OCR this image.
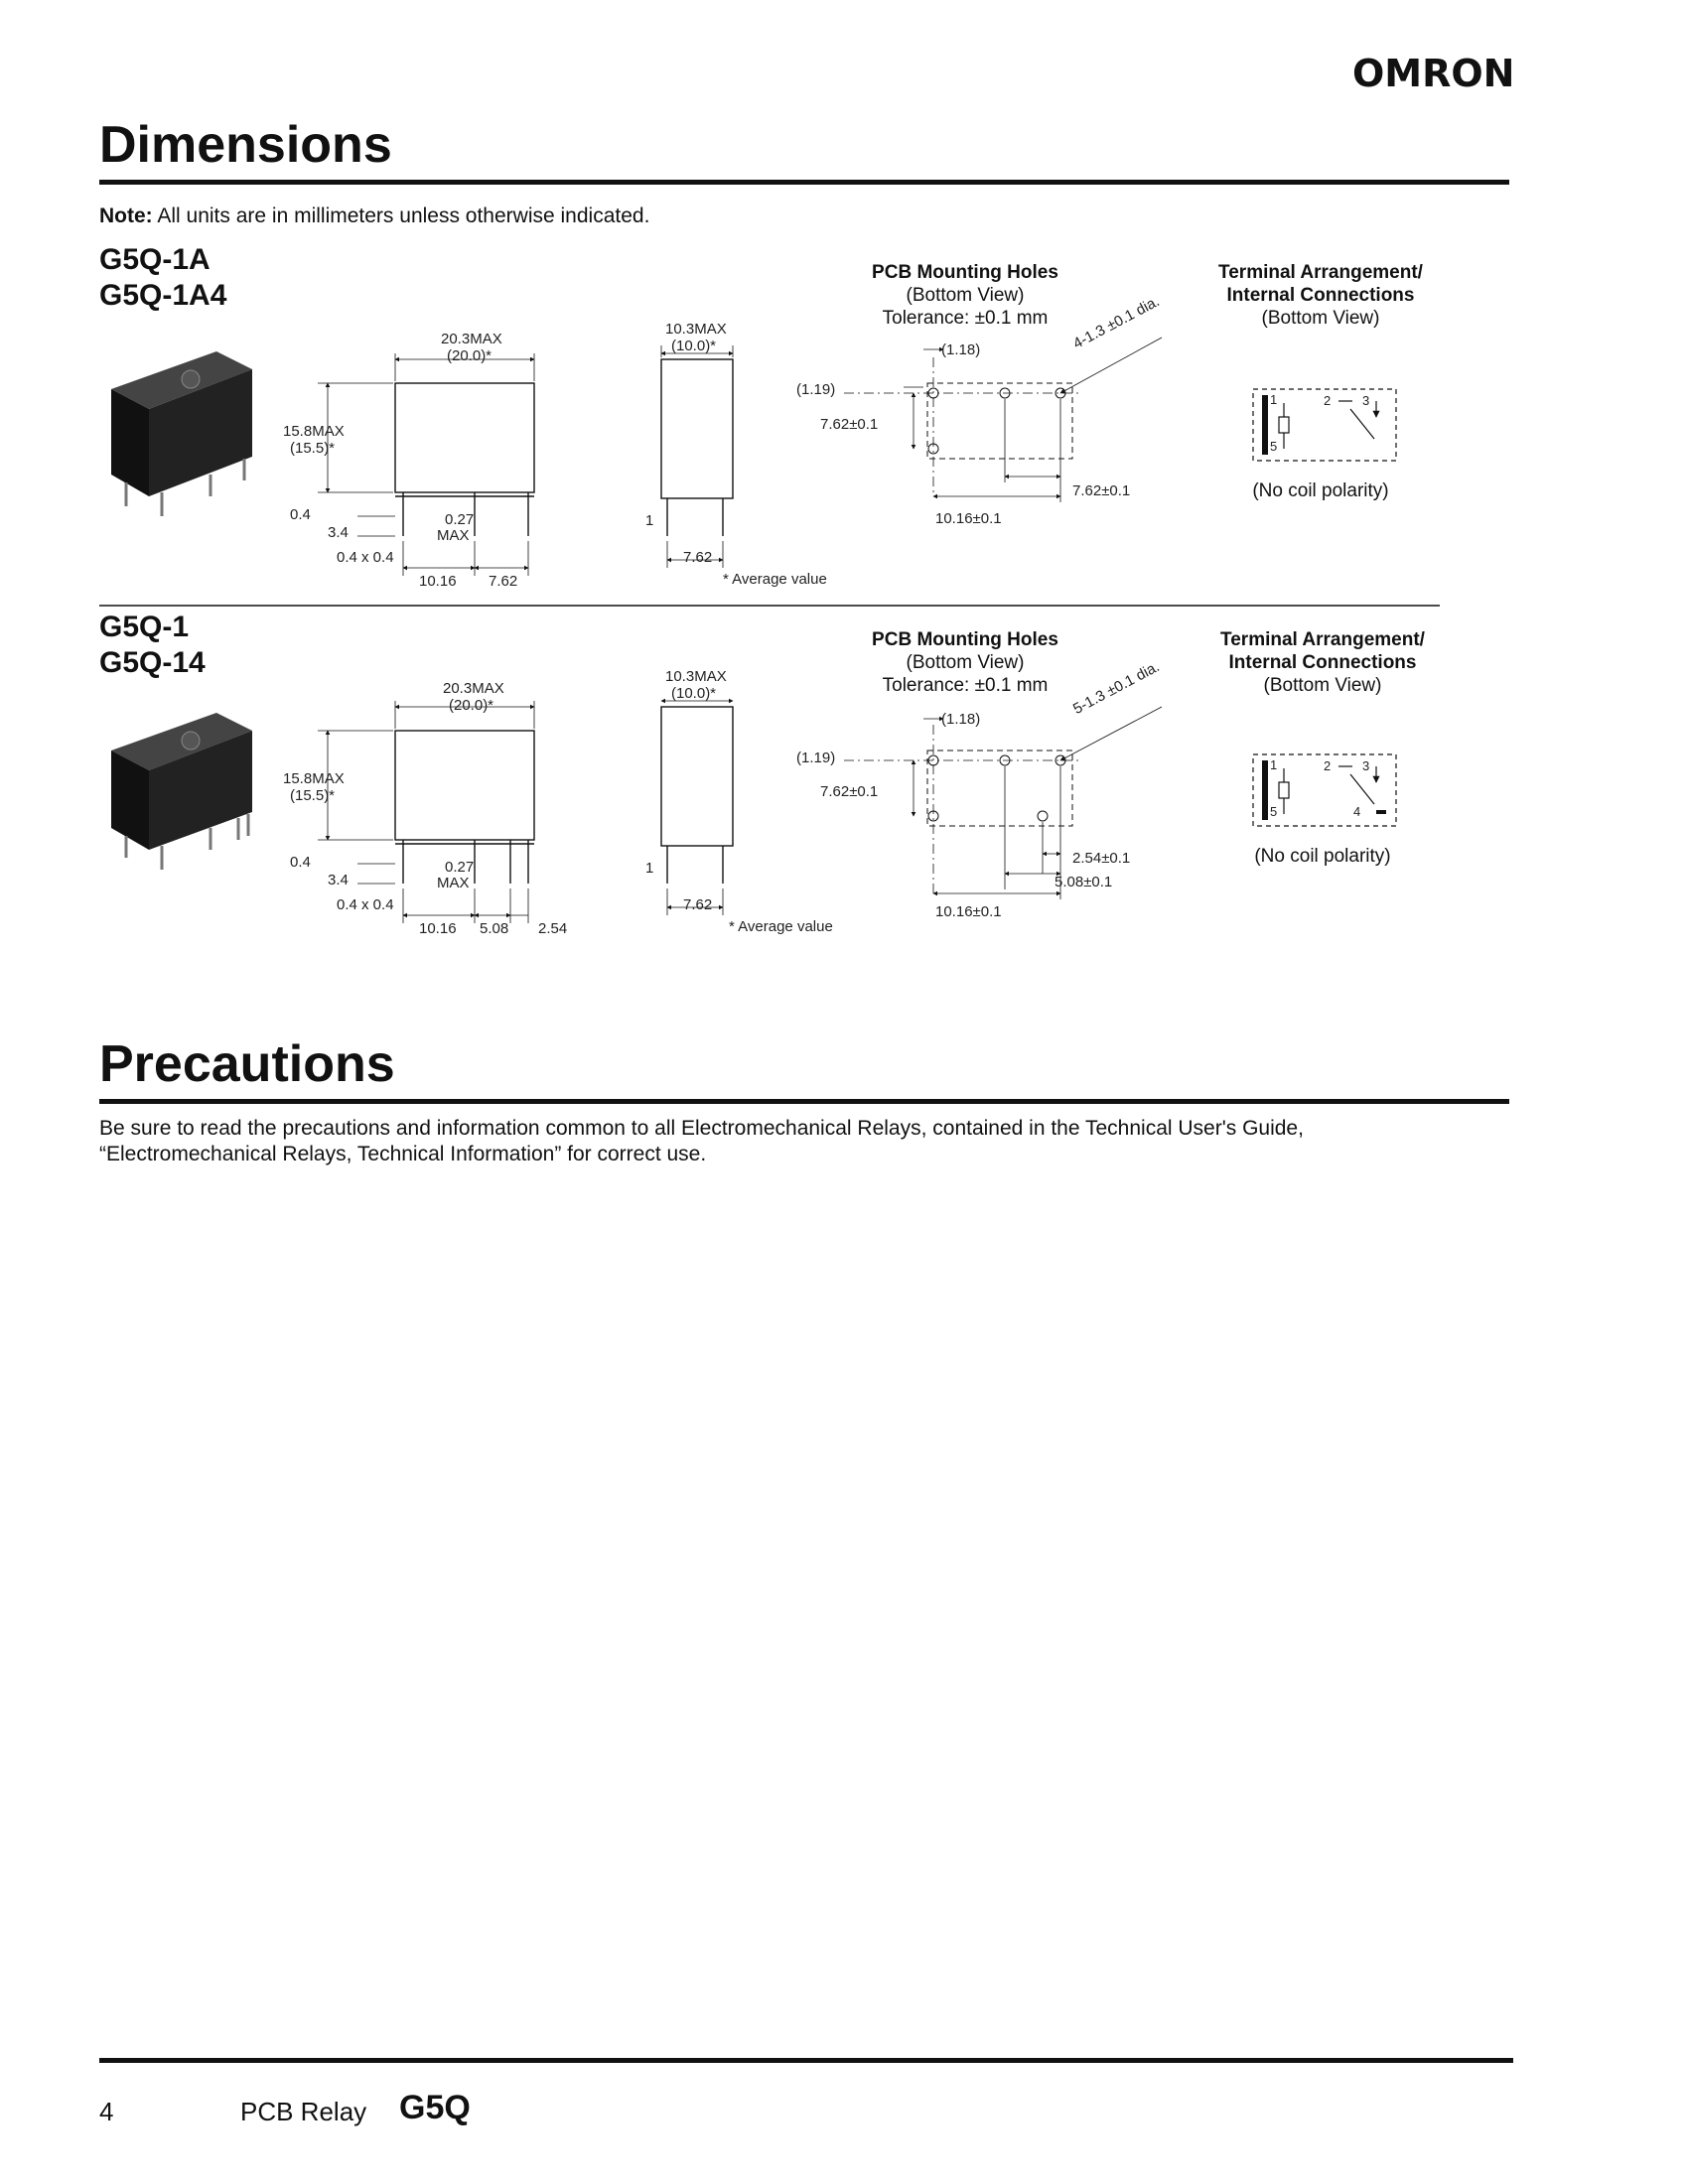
OMRON
Dimensions
Note: All units are in millimeters unless otherwise indicated.
G5Q-1A
G5Q-1A4
G5Q-1
G5Q-14
20.3MAX
(20.0)*
15.8MAX
(15.5)*
0.4
3.4
0.4 x 0.4
0.27
MAX
10.16 7.62
10.3MAX
(10.0)*
1
7.62
* Average value
PCB Mounting Holes
(Bottom View)
Tolerance: ±0.1 mm
(1.18)
(1.19)
4-1.3 ±0.1 dia.
7.62±0.1
7.62±0.1
10.16±0.1
Terminal Arrangement/
Internal Connections
(Bottom View)
1
5
2 3
(No coil polarity)
20.3MAX
(20.0)*
15.8MAX
(15.5)*
0.4
3.4
0.4 x 0.4
0.27
MAX
10.16 5.08 2.54
10.3MAX
(10.0)*
1
7.62
* Average value
PCB Mounting Holes
(Bottom View)
Tolerance: ±0.1 mm
(1.18)
(1.19)
5-1.3 ±0.1 dia.
7.62±0.1
2.54±0.1
5.08±0.1
10.16±0.1
Terminal Arrangement/
Internal Connections
(Bottom View)
1
5
2 3
4
(No coil polarity)
Precautions
Be sure to read the precautions and information common to all Electromechanical Relays, contained in the Technical User's Guide,
“Electromechanical Relays, Technical Information” for correct use.
4	PCB Relay G5Q
